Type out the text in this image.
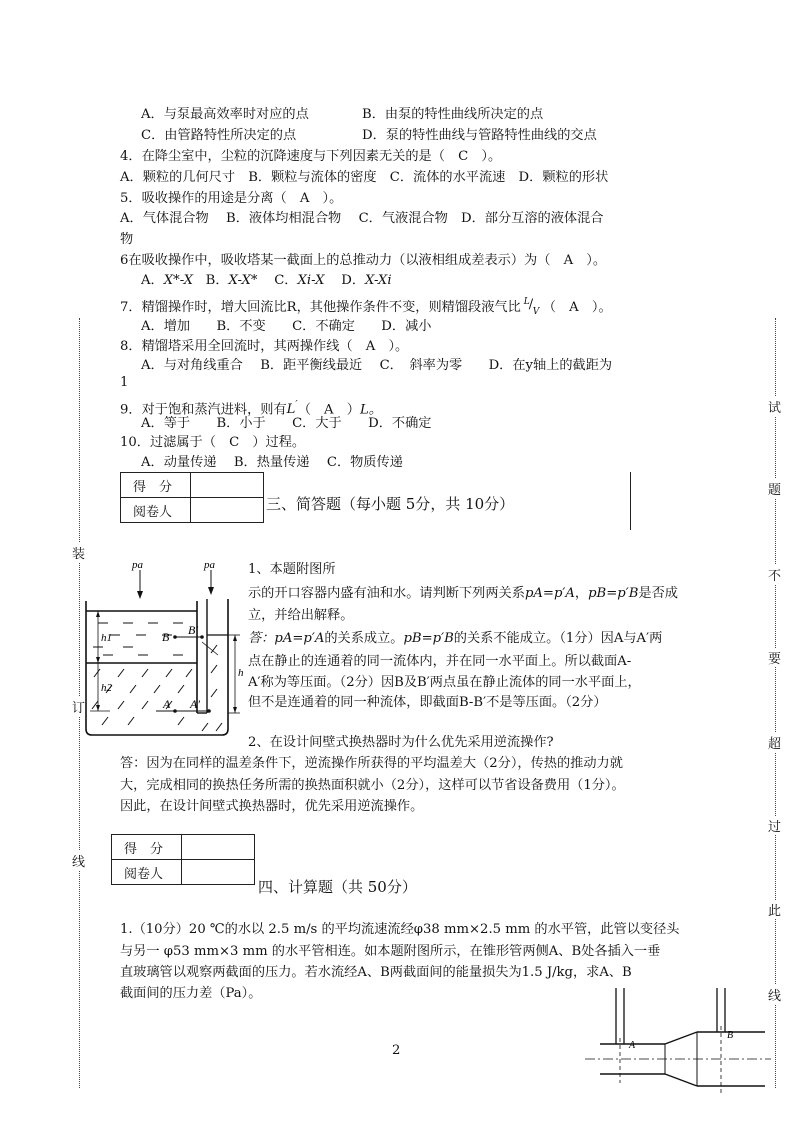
装
订
线
试
题
不
要
超
过
此
线
A．与泵最高效率时对应的点	B．由泵的特性曲线所决定的点
C．由管路特性所决定的点	D．泵的特性曲线与管路特性曲线的交点
4．在降尘室中，尘粒的沉降速度与下列因素无关的是（　C　）。
A．颗粒的几何尺寸　B．颗粒与流体的密度　C．流体的水平流速　D．颗粒的形状
5．吸收操作的用途是分离（　A　）。
A．气体混合物　 B．液体均相混合物　 C．气液混合物　D．部分互溶的液体混合
物
6在吸收操作中，吸收塔某一截面上的总推动力（以液相组成差表示）为（　A　）。
A．X*-X B．X-X* C．Xi-X D．X-Xi
7．精馏操作时，增大回流比R，其他操作条件不变，则精馏段液气比 L / V （　A　）。
A．增加　　B．不变　　C．不确定　　D．减小
8．精馏塔采用全回流时，其两操作线（　A　）。
A．与对角线重合　 B．距平衡线最近　 C．　斜率为零　　D．在y轴上的截距为
1
9．对于饱和蒸汽进料，则有L′（　A　）L。
A．等于　　B．小于　　C．大于　　D．不确定
10．过滤属于（　C　）过程。
A．动量传递　 B．热量传递　 C．物质传递
得　分	
阅卷人		三、简答题（每小题 5分，共 10分）
pa	pa
h1
h2
h
B B′
A A′
1、本题附图所
示的开口容器内盛有油和水。请判断下列两关系pA=p′A，pB=p′B是否成
立，并给出解释。
答：pA=p′A的关系成立。pB=p′B的关系不能成立。（1分）因A与A′两
点在静止的连通着的同一流体内，并在同一水平面上。所以截面A-
A′称为等压面。（2分）因B及B′两点虽在静止流体的同一水平面上，
但不是连通着的同一种流体，即截面B-B′不是等压面。（2分）
2、在设计间壁式换热器时为什么优先采用逆流操作?
答：因为在同样的温差条件下，逆流操作所获得的平均温差大（2分），传热的推动力就
大，完成相同的换热任务所需的换热面积就小（2分），这样可以节省设备费用（1分）。
因此，在设计间壁式换热器时，优先采用逆流操作。
得　分	
阅卷人	
四、计算题（共 50分）
1.（10分）20 ℃的水以 2.5 m/s 的平均流速流经φ38 mm×2.5 mm 的水平管，此管以变径头
与另一 φ53 mm×3 mm 的水平管相连。如本题附图所示，在锥形管两侧A、B处各插入一垂
直玻璃管以观察两截面的压力。若水流经A、B两截面间的能量损失为1.5 J/kg，求A、B
截面间的压力差（Pa）。
2	A
B
